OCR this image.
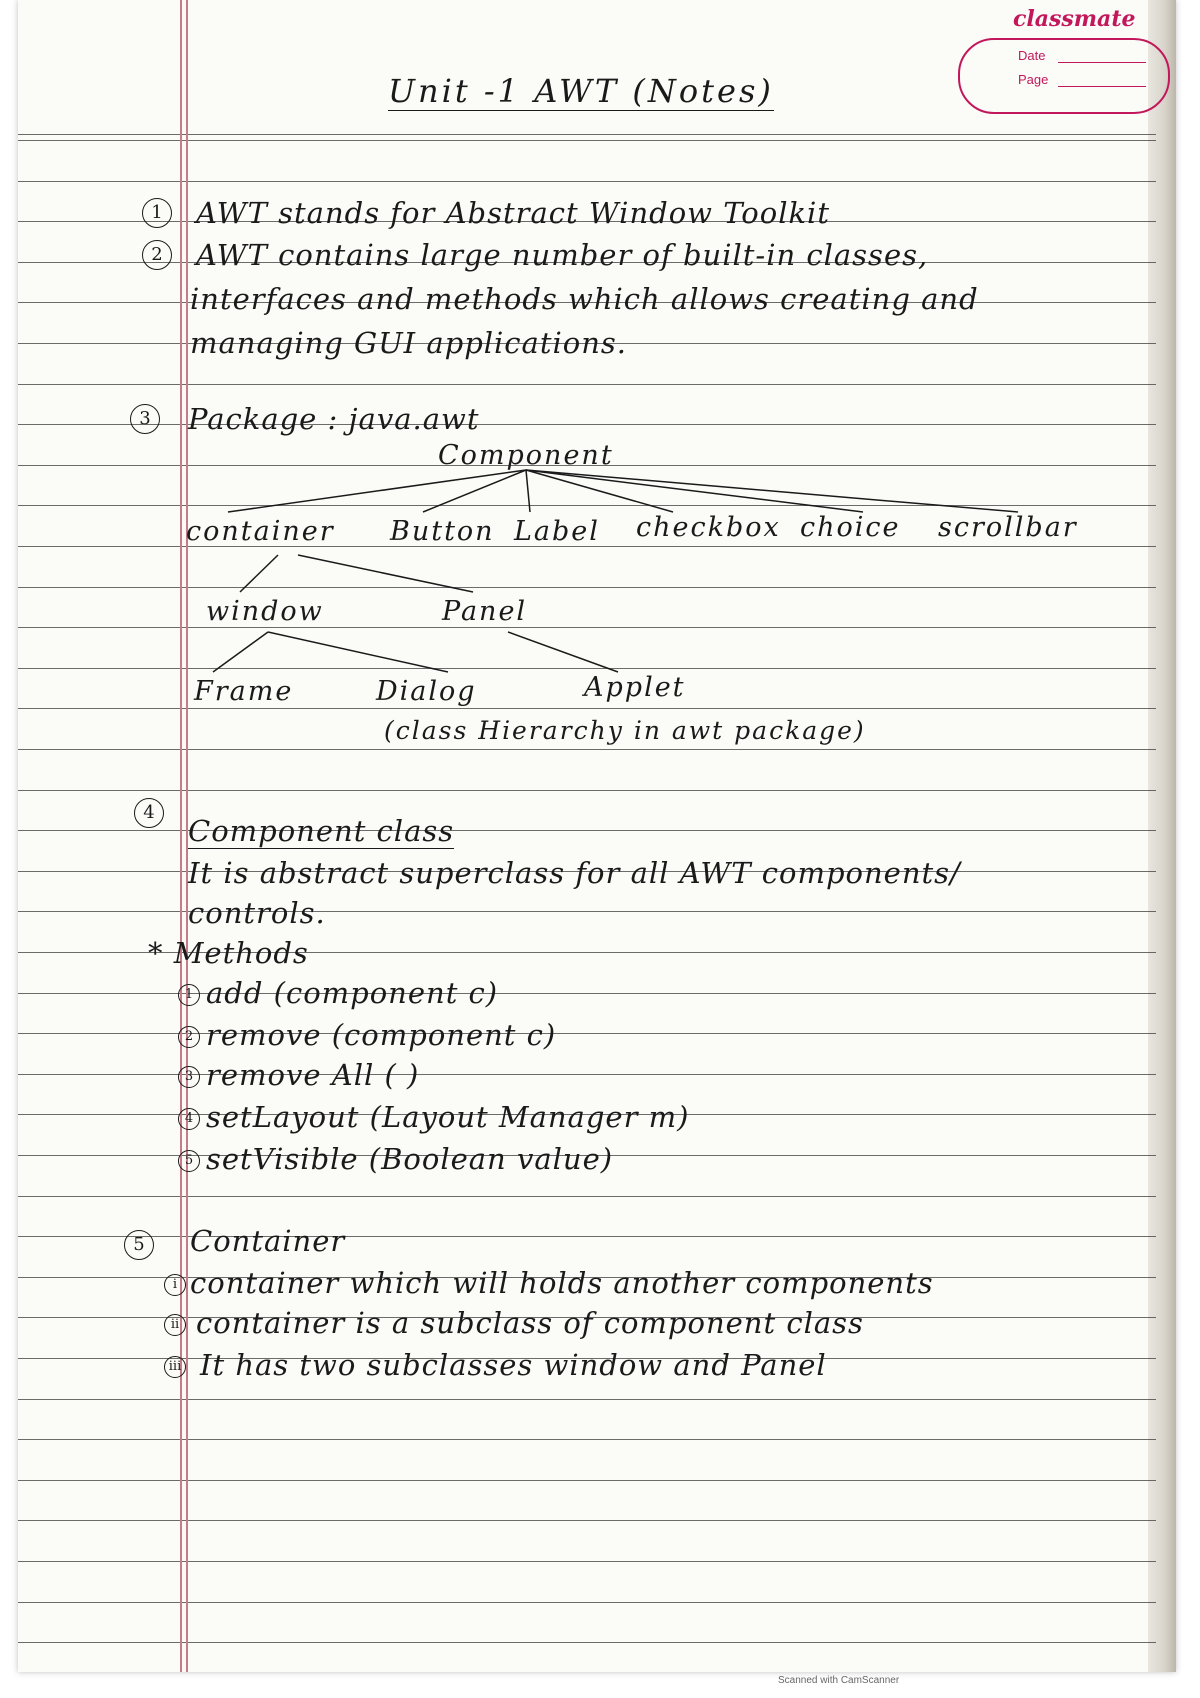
classmate
Date
Page
Unit -1 AWT (Notes)
1	AWT stands for Abstract Window Toolkit
2	AWT contains large number of built-in classes,
interfaces and methods which allows creating and
managing GUI applications.
3	Package : java.awt
Component
container Button Label checkbox choice scrollbar
window	Panel
Frame	Dialog	Applet
(class Hierarchy in awt package)
4
Component class
It is abstract superclass for all AWT components/
controls.
* Methods
1 add (component c)
2 remove (component c)
3 remove All ( )
4 setLayout (Layout Manager m)
5 setVisible (Boolean value)
5	Container
i container which will holds another components
ii container is a subclass of component class
iii It has two subclasses window and Panel
Scanned with CamScanner
